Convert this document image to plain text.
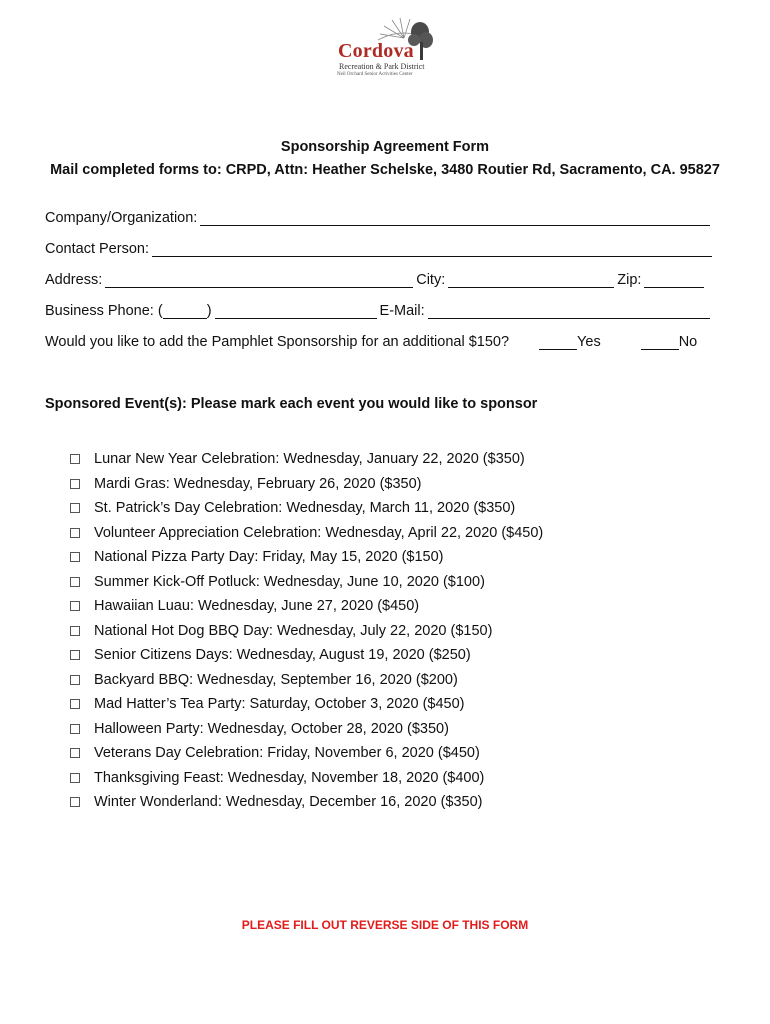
Cordova
Recreation & Park District
Neil Orchard Senior Activities Center
Sponsorship Agreement Form
Mail completed forms to: CRPD, Attn: Heather Schelske, 3480 Routier Rd, Sacramento, CA. 95827
Company/Organization:
Contact Person:
Address:	City:	Zip:
Business Phone: (	)	E-Mail:
Would you like to add the Pamphlet Sponsorship for an additional $150?	Yes	No
Sponsored Event(s): Please mark each event you would like to sponsor
Lunar New Year Celebration: Wednesday, January 22, 2020 ($350)
Mardi Gras: Wednesday, February 26, 2020 ($350)
St. Patrick’s Day Celebration: Wednesday, March 11, 2020 ($350)
Volunteer Appreciation Celebration: Wednesday, April 22, 2020 ($450)
National Pizza Party Day: Friday, May 15, 2020 ($150)
Summer Kick-Off Potluck: Wednesday, June 10, 2020 ($100)
Hawaiian Luau: Wednesday, June 27, 2020 ($450)
National Hot Dog BBQ Day: Wednesday, July 22, 2020 ($150)
Senior Citizens Days: Wednesday, August 19, 2020 ($250)
Backyard BBQ: Wednesday, September 16, 2020 ($200)
Mad Hatter’s Tea Party: Saturday, October 3, 2020 ($450)
Halloween Party: Wednesday, October 28, 2020 ($350)
Veterans Day Celebration: Friday, November 6, 2020 ($450)
Thanksgiving Feast: Wednesday, November 18, 2020 ($400)
Winter Wonderland: Wednesday, December 16, 2020 ($350)
PLEASE FILL OUT REVERSE SIDE OF THIS FORM
